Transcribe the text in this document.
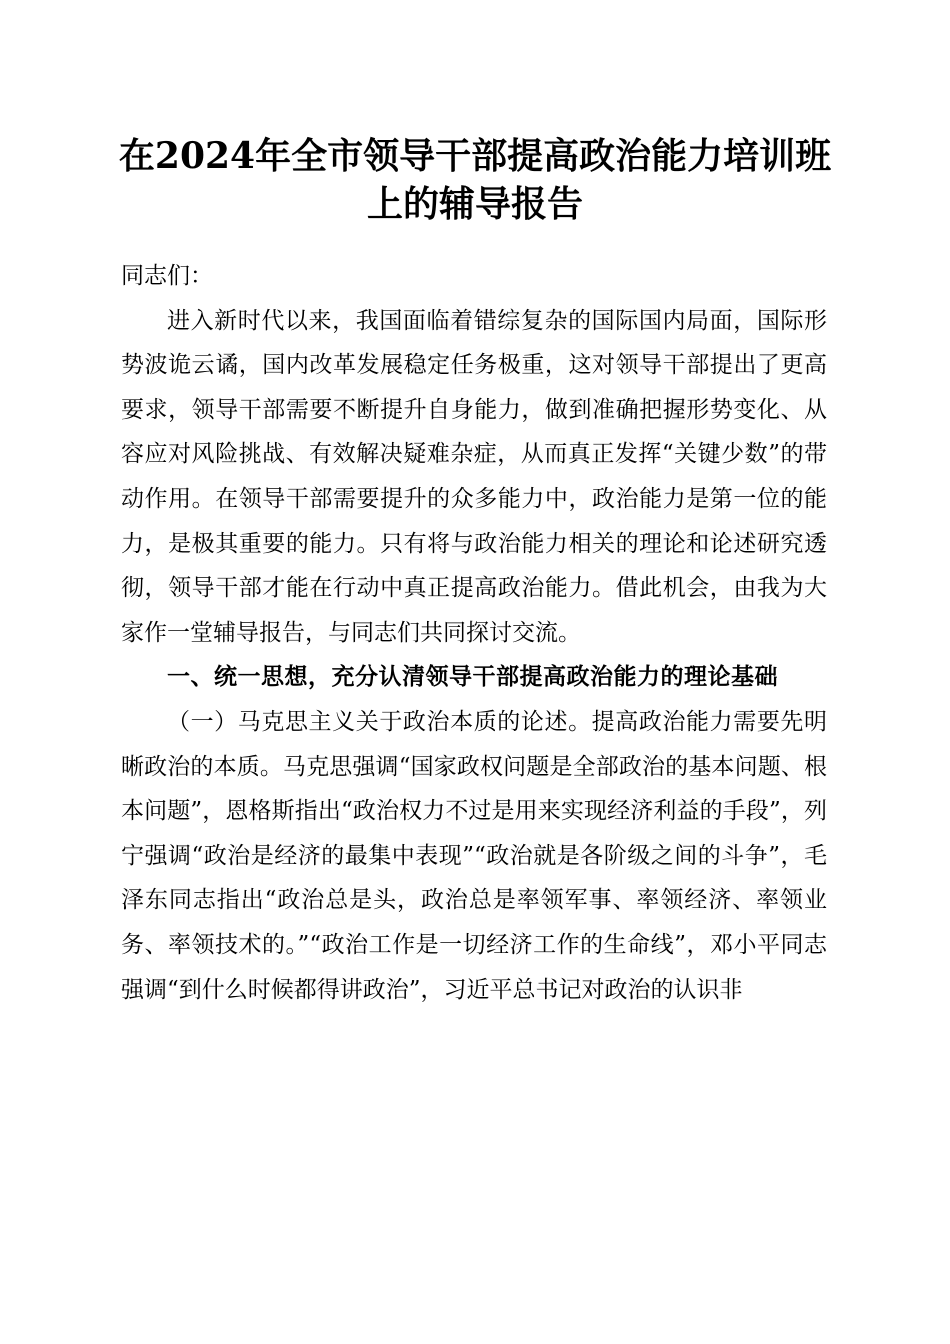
在2024年全市领导干部提高政治能力培训班
上的辅导报告

同志们：

进入新时代以来，我国面临着错综复杂的国际国内局面，国际形势波诡云谲，国内改革发展稳定任务极重，这对领导干部提出了更高要求，领导干部需要不断提升自身能力，做到准确把握形势变化、从容应对风险挑战、有效解决疑难杂症，从而真正发挥“关键少数”的带动作用。在领导干部需要提升的众多能力中，政治能力是第一位的能力，是极其重要的能力。只有将与政治能力相关的理论和论述研究透彻，领导干部才能在行动中真正提高政治能力。借此机会，由我为大家作一堂辅导报告，与同志们共同探讨交流。

一、统一思想，充分认清领导干部提高政治能力的理论基础

（一）马克思主义关于政治本质的论述。提高政治能力需要先明晰政治的本质。马克思强调“国家政权问题是全部政治的基本问题、根本问题”，恩格斯指出“政治权力不过是用来实现经济利益的手段”，列宁强调“政治是经济的最集中表现”“政治就是各阶级之间的斗争”，毛泽东同志指出“政治总是头，政治总是率领军事、率领经济、率领业务、率领技术的。”“政治工作是一切经济工作的生命线”，邓小平同志强调“到什么时候都得讲政治”，习近平总书记对政治的认识非
